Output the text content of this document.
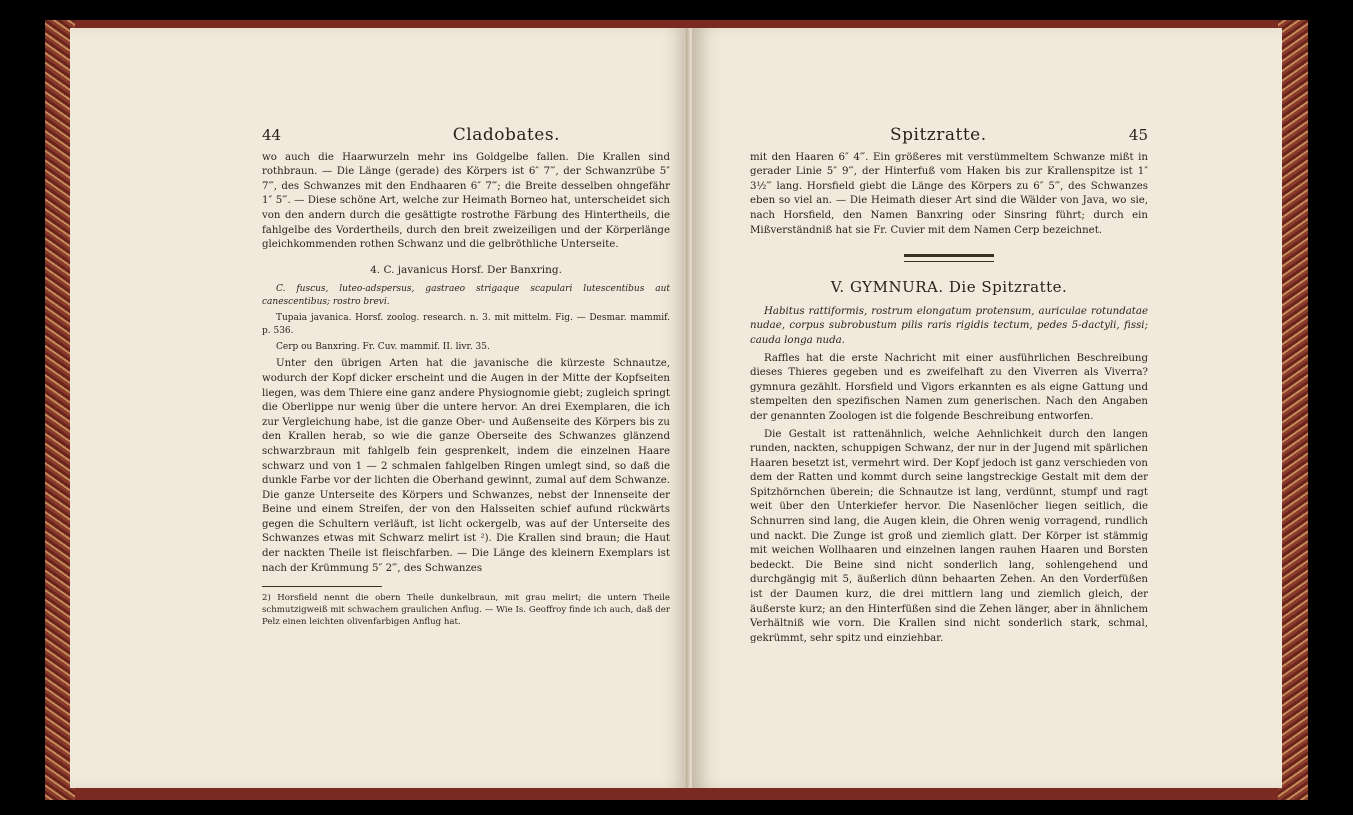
44	Cladobates.

wo auch die Haarwurzeln mehr ins Goldgelbe fallen. Die Krallen sind rothbraun. — Die Länge (gerade) des Körpers ist 6″ 7‴, der Schwanzrübe 5″ 7‴, des Schwanzes mit den Endhaaren 6″ 7‴; die Breite desselben ohngefähr 1″ 5‴. — Diese schöne Art, welche zur Heimath Borneo hat, unterscheidet sich von den andern durch die gesättigte rostrothe Färbung des Hintertheils, die fahlgelbe des Vordertheils, durch den breit zweizeiligen und der Körperlänge gleichkommenden rothen Schwanz und die gelbröthliche Unterseite.

4. C. javanicus Horsf. Der Banxring.

C. fuscus, luteo-adspersus, gastraeo strigaque scapulari lutescentibus aut canescentibus; rostro brevi.

Tupaia javanica. Horsf. zoolog. research. n. 3. mit mittelm. Fig. — Desmar. mammif. p. 536.

Cerp ou Banxring. Fr. Cuv. mammif. II. livr. 35.

Unter den übrigen Arten hat die javanische die kürzeste Schnautze, wodurch der Kopf dicker erscheint und die Augen in der Mitte der Kopfseiten liegen, was dem Thiere eine ganz andere Physiognomie giebt; zugleich springt die Oberlippe nur wenig über die untere hervor. An drei Exemplaren, die ich zur Vergleichung habe, ist die ganze Ober- und Außenseite des Körpers bis zu den Krallen herab, so wie die ganze Oberseite des Schwanzes glänzend schwarzbraun mit fahlgelb fein gesprenkelt, indem die einzelnen Haare schwarz und von 1 — 2 schmalen fahlgelben Ringen umlegt sind, so daß die dunkle Farbe vor der lichten die Oberhand gewinnt, zumal auf dem Schwanze. Die ganze Unterseite des Körpers und Schwanzes, nebst der Innenseite der Beine und einem Streifen, der von den Halsseiten schief aufund rückwärts gegen die Schultern verläuft, ist licht ockergelb, was auf der Unterseite des Schwanzes etwas mit Schwarz melirt ist ²). Die Krallen sind braun; die Haut der nackten Theile ist fleischfarben. — Die Länge des kleinern Exemplars ist nach der Krümmung 5″ 2‴, des Schwanzes

2) Horsfield nennt die obern Theile dunkelbraun, mit grau melirt; die untern Theile schmutzigweiß mit schwachem graulichen Anflug. — Wie Is. Geoffroy finde ich auch, daß der Pelz einen leichten olivenfarbigen Anflug hat.
Spitzratte.	45

mit den Haaren 6″ 4‴. Ein größeres mit verstümmeltem Schwanze mißt in gerader Linie 5″ 9‴, der Hinterfuß vom Haken bis zur Krallenspitze ist 1″ 3½‴ lang. Horsfield giebt die Länge des Körpers zu 6″ 5‴, des Schwanzes eben so viel an. — Die Heimath dieser Art sind die Wälder von Java, wo sie, nach Horsfield, den Namen Banxring oder Sinsring führt; durch ein Mißverständniß hat sie Fr. Cuvier mit dem Namen Cerp bezeichnet.

V. GYMNURA. Die Spitzratte.

Habitus rattiformis, rostrum elongatum protensum, auriculae rotundatae nudae, corpus subrobustum pilis raris rigidis tectum, pedes 5-dactyli, fissi; cauda longa nuda.

Raffles hat die erste Nachricht mit einer ausführlichen Beschreibung dieses Thieres gegeben und es zweifelhaft zu den Viverren als Viverra? gymnura gezählt. Horsfield und Vigors erkannten es als eigne Gattung und stempelten den spezifischen Namen zum generischen. Nach den Angaben der genannten Zoologen ist die folgende Beschreibung entworfen.

Die Gestalt ist rattenähnlich, welche Aehnlichkeit durch den langen runden, nackten, schuppigen Schwanz, der nur in der Jugend mit spärlichen Haaren besetzt ist, vermehrt wird. Der Kopf jedoch ist ganz verschieden von dem der Ratten und kommt durch seine langstreckige Gestalt mit dem der Spitzhörnchen überein; die Schnautze ist lang, verdünnt, stumpf und ragt weit über den Unterkiefer hervor. Die Nasenlöcher liegen seitlich, die Schnurren sind lang, die Augen klein, die Ohren wenig vorragend, rundlich und nackt. Die Zunge ist groß und ziemlich glatt. Der Körper ist stämmig mit weichen Wollhaaren und einzelnen langen rauhen Haaren und Borsten bedeckt. Die Beine sind nicht sonderlich lang, sohlengehend und durchgängig mit 5, äußerlich dünn behaarten Zehen. An den Vorderfüßen ist der Daumen kurz, die drei mittlern lang und ziemlich gleich, der äußerste kurz; an den Hinterfüßen sind die Zehen länger, aber in ähnlichem Verhältniß wie vorn. Die Krallen sind nicht sonderlich stark, schmal, gekrümmt, sehr spitz und einziehbar.
